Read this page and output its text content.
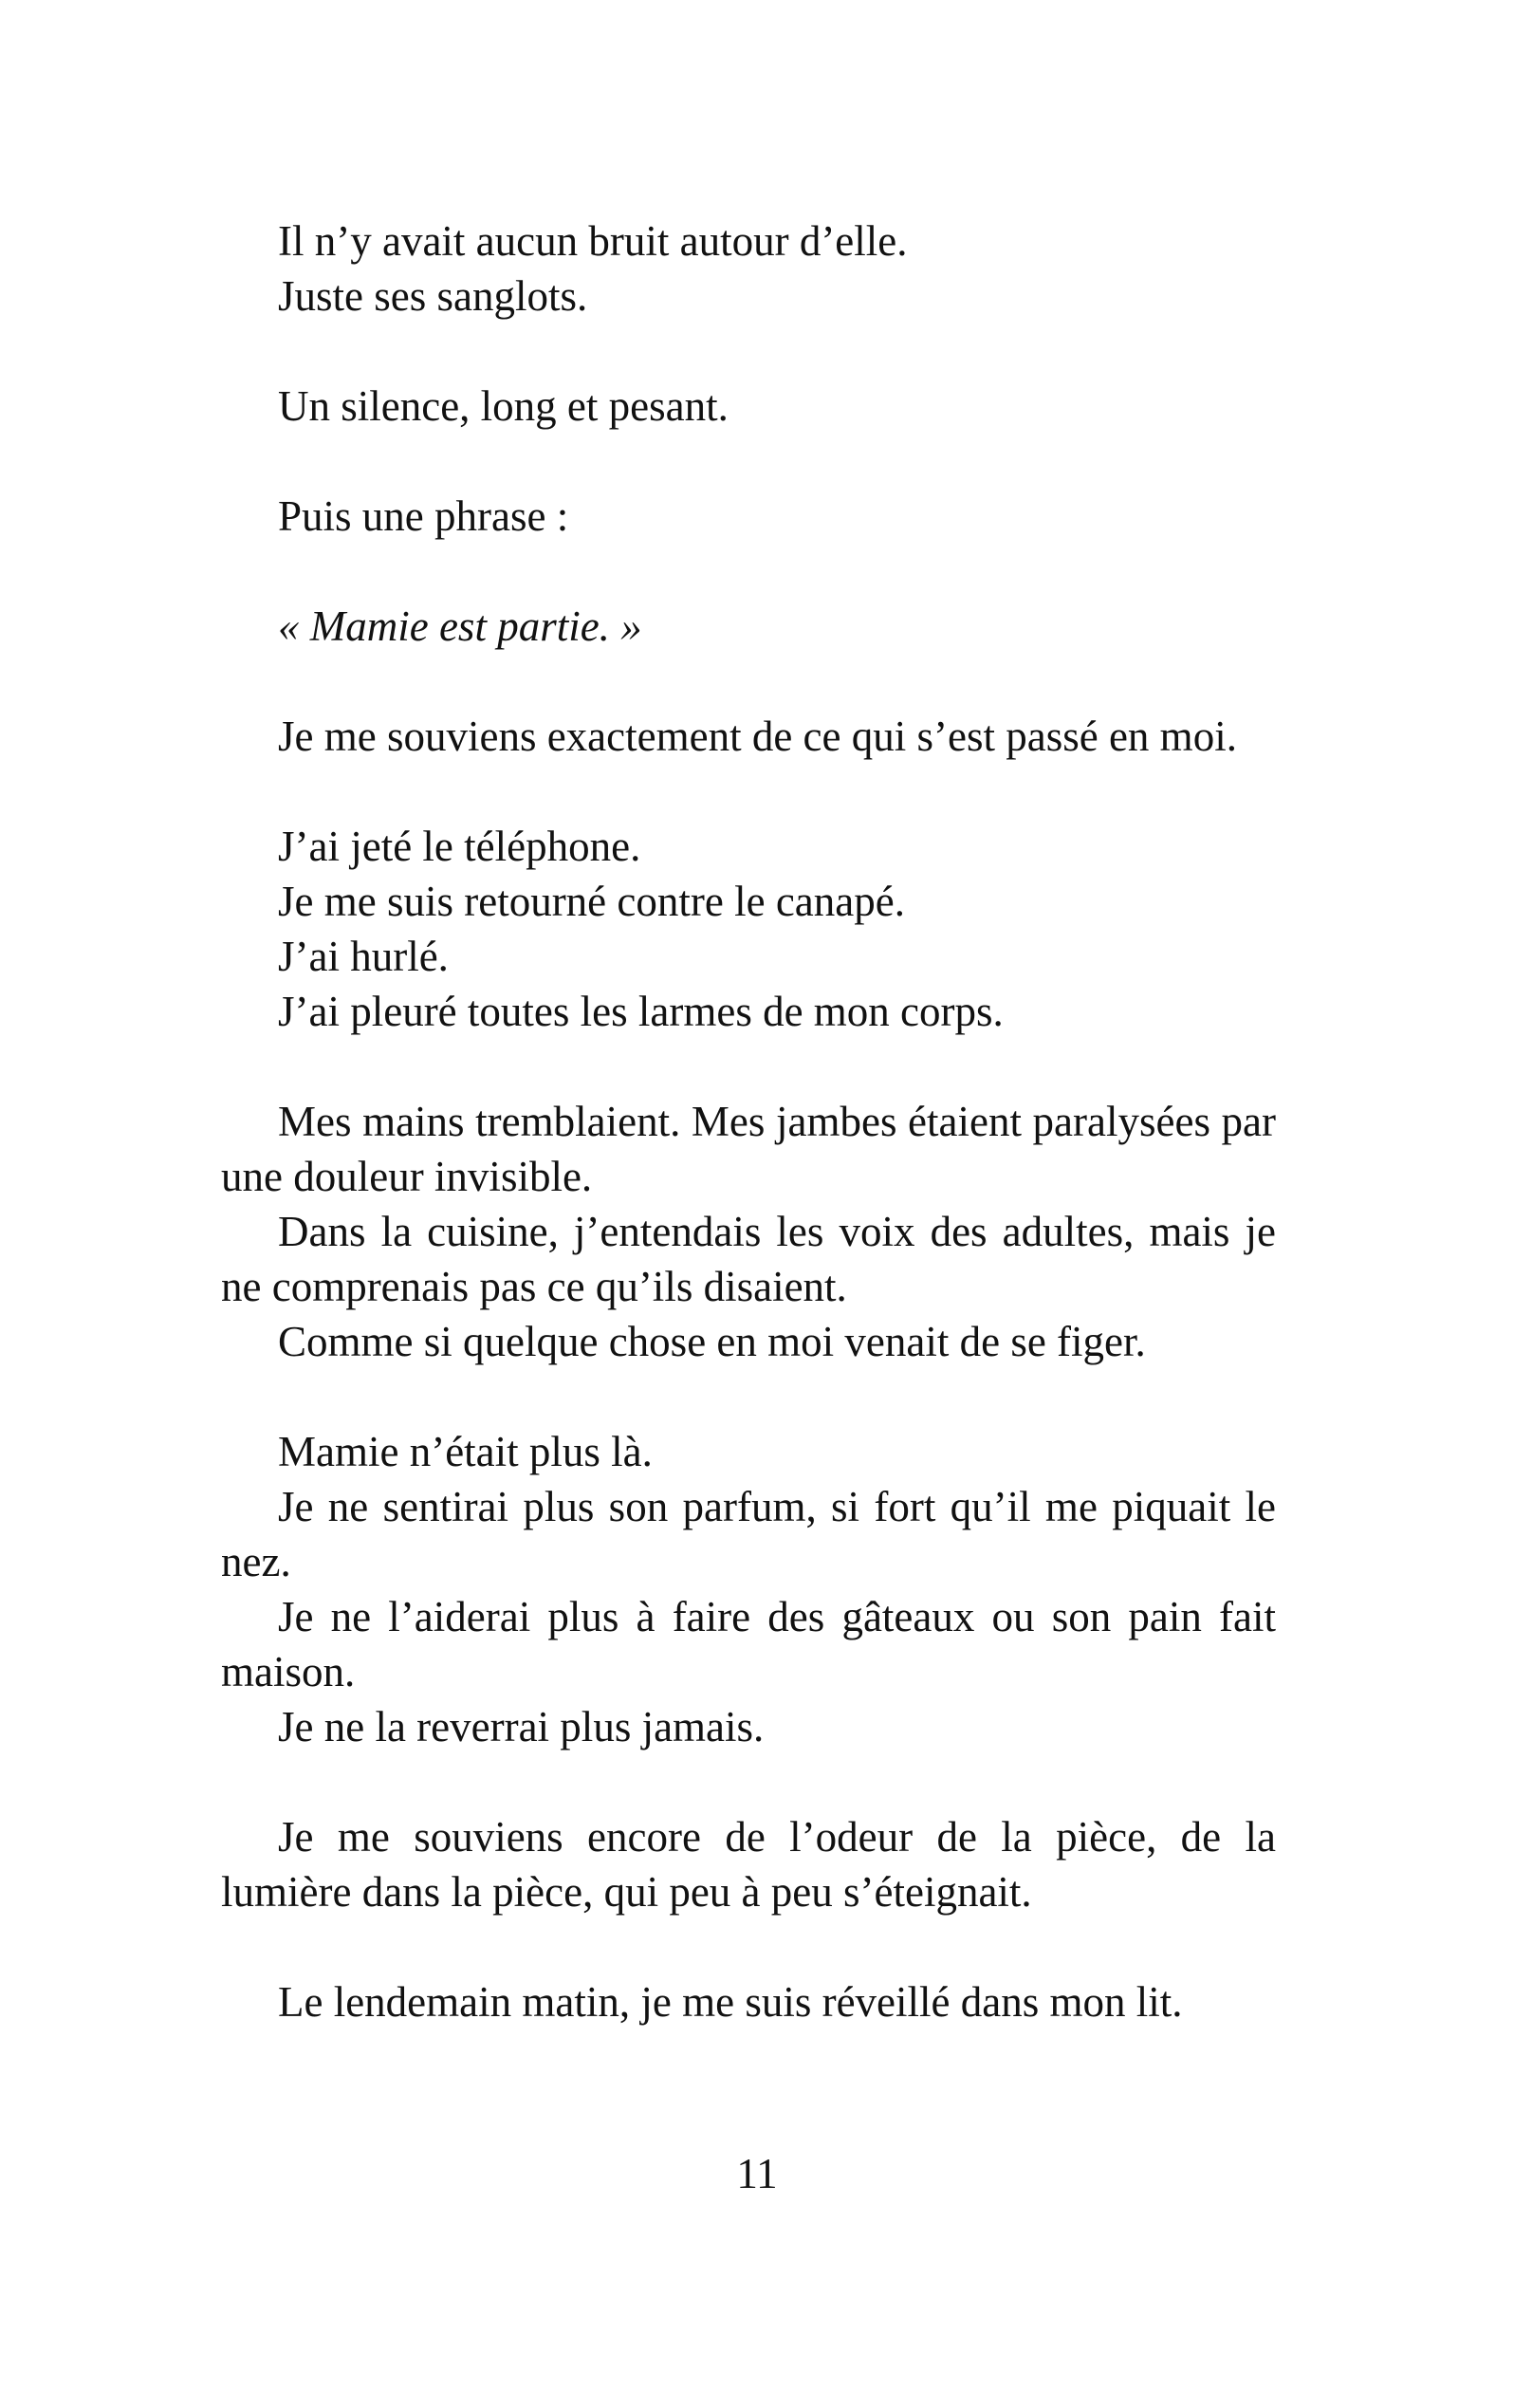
Il n’y avait aucun bruit autour d’elle.

Juste ses sanglots.

Un silence, long et pesant.

Puis une phrase :

« Mamie est partie. »

Je me souviens exactement de ce qui s’est passé en moi.

J’ai jeté le téléphone.

Je me suis retourné contre le canapé.

J’ai hurlé.

J’ai pleuré toutes les larmes de mon corps.

Mes mains tremblaient. Mes jambes étaient paralysées par une douleur invisible.

Dans la cuisine, j’entendais les voix des adultes, mais je ne comprenais pas ce qu’ils disaient.

Comme si quelque chose en moi venait de se figer.

Mamie n’était plus là.

Je ne sentirai plus son parfum, si fort qu’il me piquait le nez.

Je ne l’aiderai plus à faire des gâteaux ou son pain fait maison.

Je ne la reverrai plus jamais.

Je me souviens encore de l’odeur de la pièce, de la lumière dans la pièce, qui peu à peu s’éteignait.

Le lendemain matin, je me suis réveillé dans mon lit.

11
